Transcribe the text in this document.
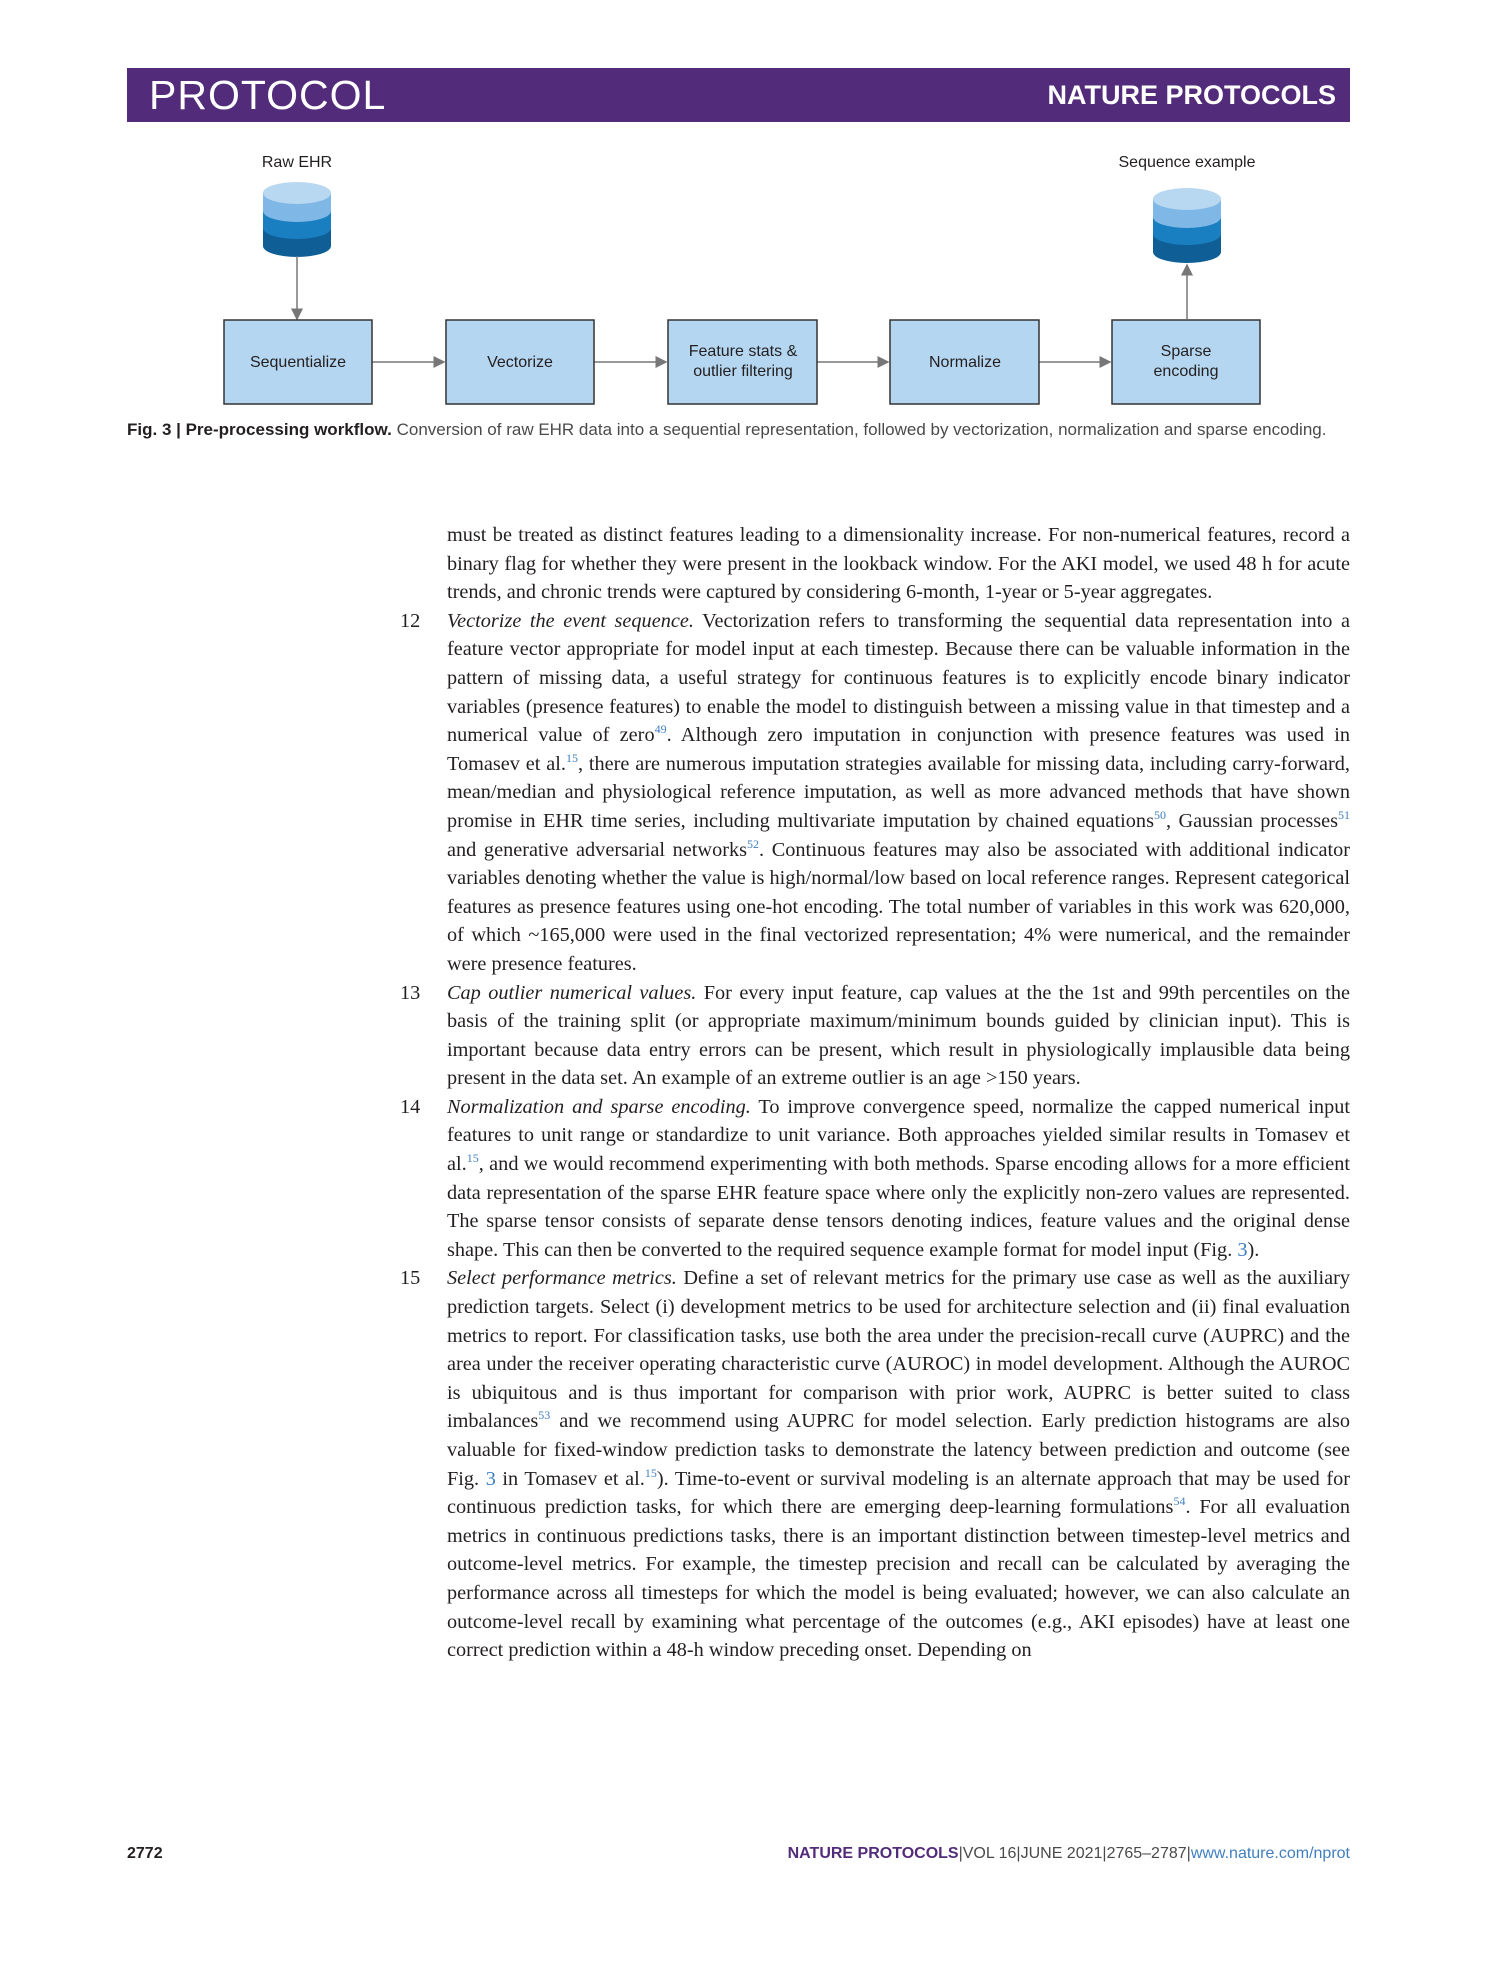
PROTOCOL	NATURE PROTOCOLS
Raw EHR	Sequence example
Sequentialize	Vectorize
Feature stats &
outlier filtering
Normalize
Sparse
encoding
Fig. 3 | Pre-processing workflow. Conversion of raw EHR data into a sequential representation, followed by vectorization, normalization and sparse encoding.

must be treated as distinct features leading to a dimensionality increase. For non-numerical features, record a binary flag for whether they were present in the lookback window. For the AKI model, we used 48 h for acute trends, and chronic trends were captured by considering 6-month, 1-year or 5-year aggregates.

12 Vectorize the event sequence. Vectorization refers to transforming the sequential data representation into a feature vector appropriate for model input at each timestep. Because there can be valuable information in the pattern of missing data, a useful strategy for continuous features is to explicitly encode binary indicator variables (presence features) to enable the model to distinguish between a missing value in that timestep and a numerical value of zero$^{49}$. Although zero imputation in conjunction with presence features was used in Tomasev et al.$^{15}$, there are numerous imputation strategies available for missing data, including carry-forward, mean/median and physiological reference imputation, as well as more advanced methods that have shown promise in EHR time series, including multivariate imputation by chained equations$^{50}$, Gaussian processes$^{51}$ and generative adversarial networks$^{52}$. Continuous features may also be associated with additional indicator variables denoting whether the value is high/normal/low based on local reference ranges. Represent categorical features as presence features using one-hot encoding. The total number of variables in this work was 620,000, of which ~165,000 were used in the final vectorized representation; 4% were numerical, and the remainder were presence features.

13 Cap outlier numerical values. For every input feature, cap values at the the 1st and 99th percentiles on the basis of the training split (or appropriate maximum/minimum bounds guided by clinician input). This is important because data entry errors can be present, which result in physiologically implausible data being present in the data set. An example of an extreme outlier is an age >150 years.

14 Normalization and sparse encoding. To improve convergence speed, normalize the capped numerical input features to unit range or standardize to unit variance. Both approaches yielded similar results in Tomasev et al.$^{15}$, and we would recommend experimenting with both methods. Sparse encoding allows for a more efficient data representation of the sparse EHR feature space where only the explicitly non-zero values are represented. The sparse tensor consists of separate dense tensors denoting indices, feature values and the original dense shape. This can then be converted to the required sequence example format for model input (Fig. 3).

15 Select performance metrics. Define a set of relevant metrics for the primary use case as well as the auxiliary prediction targets. Select (i) development metrics to be used for architecture selection and (ii) final evaluation metrics to report. For classification tasks, use both the area under the precision-recall curve (AUPRC) and the area under the receiver operating characteristic curve (AUROC) in model development. Although the AUROC is ubiquitous and is thus important for comparison with prior work, AUPRC is better suited to class imbalances$^{53}$ and we recommend using AUPRC for model selection. Early prediction histograms are also valuable for fixed-window prediction tasks to demonstrate the latency between prediction and outcome (see Fig. 3 in Tomasev et al.$^{15}$). Time-to-event or survival modeling is an alternate approach that may be used for continuous prediction tasks, for which there are emerging deep-learning formulations$^{54}$. For all evaluation metrics in continuous predictions tasks, there is an important distinction between timestep-level metrics and outcome-level metrics. For example, the timestep precision and recall can be calculated by averaging the performance across all timesteps for which the model is being evaluated; however, we can also calculate an outcome-level recall by examining what percentage of the outcomes (e.g., AKI episodes) have at least one correct prediction within a 48-h window preceding onset. Depending on

2772	NATURE PROTOCOLS|VOL 16|JUNE 2021|2765–2787|www.nature.com/nprot
